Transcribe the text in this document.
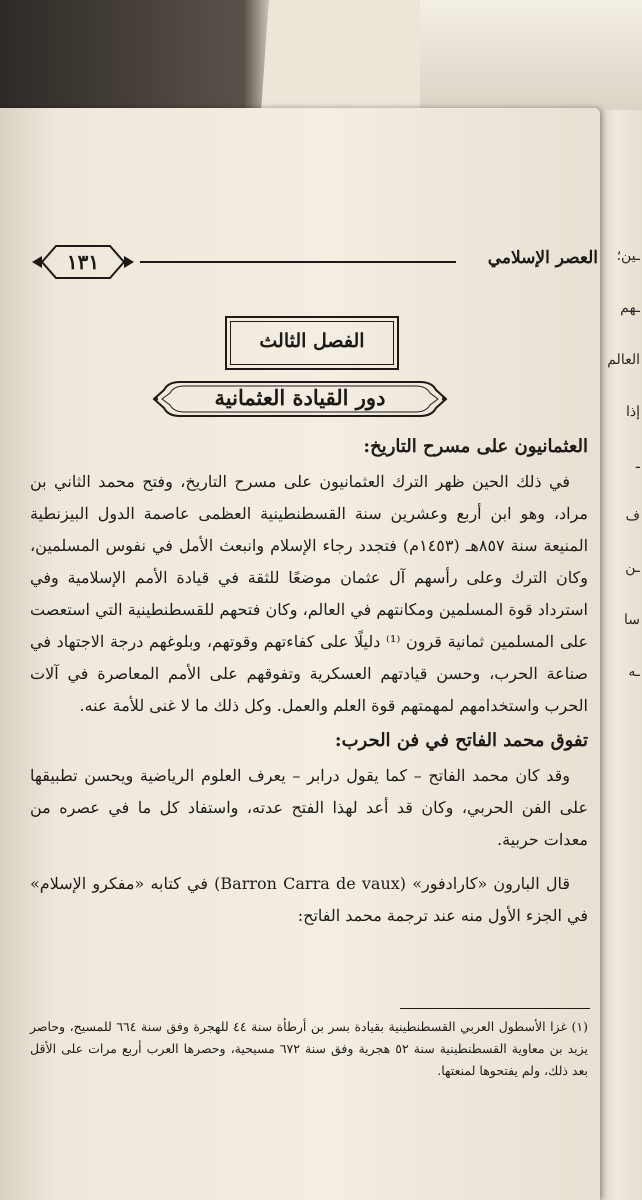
ـين؛
ـهم
العالم
إذا
ـ
ف
ـن
سا
ـه
العصر الإسلامي
١٣١
الفصل الثالث
دور القيادة العثمانية
العثمانيون على مسرح التاريخ:

في ذلك الحين ظهر الترك العثمانيون على مسرح التاريخ، وفتح محمد الثاني بن مراد، وهو ابن أربع وعشرين سنة القسطنطينية العظمى عاصمة الدول البيزنطية المنيعة سنة ٨٥٧هـ (١٤٥٣م) فتجدد رجاء الإسلام وانبعث الأمل في نفوس المسلمين، وكان الترك وعلى رأسهم آل عثمان موضعًا للثقة في قيادة الأمم الإسلامية وفي استرداد قوة المسلمين ومكانتهم في العالم، وكان فتحهم للقسطنطينية التي استعصت على المسلمين ثمانية قرون ⁽¹⁾ دليلًا على كفاءتهم وقوتهم، وبلوغهم درجة الاجتهاد في صناعة الحرب، وحسن قيادتهم العسكرية وتفوقهم على الأمم المعاصرة في آلات الحرب واستخدامهم لمهمتهم قوة العلم والعمل. وكل ذلك ما لا غنى للأمة عنه.

تفوق محمد الفاتح في فن الحرب:

وقد كان محمد الفاتح – كما يقول درابر – يعرف العلوم الرياضية ويحسن تطبيقها على الفن الحربي، وكان قد أعد لهذا الفتح عدته، واستفاد كل ما في عصره من معدات حربية.

قال البارون «كارادفور» (Barron Carra de vaux) في كتابه «مفكرو الإسلام» في الجزء الأول منه عند ترجمة محمد الفاتح:

(١) غزا الأسطول العربي القسطنطينية بقيادة بسر بن أرطأة سنة ٤٤ للهجرة وفق سنة ٦٦٤ للمسيح، وحاصر يزيد بن معاوية القسطنطينية سنة ٥٢ هجرية وفق سنة ٦٧٢ مسيحية، وحصرها العرب أربع مرات على الأقل بعد ذلك، ولم يفتحوها لمنعتها.
